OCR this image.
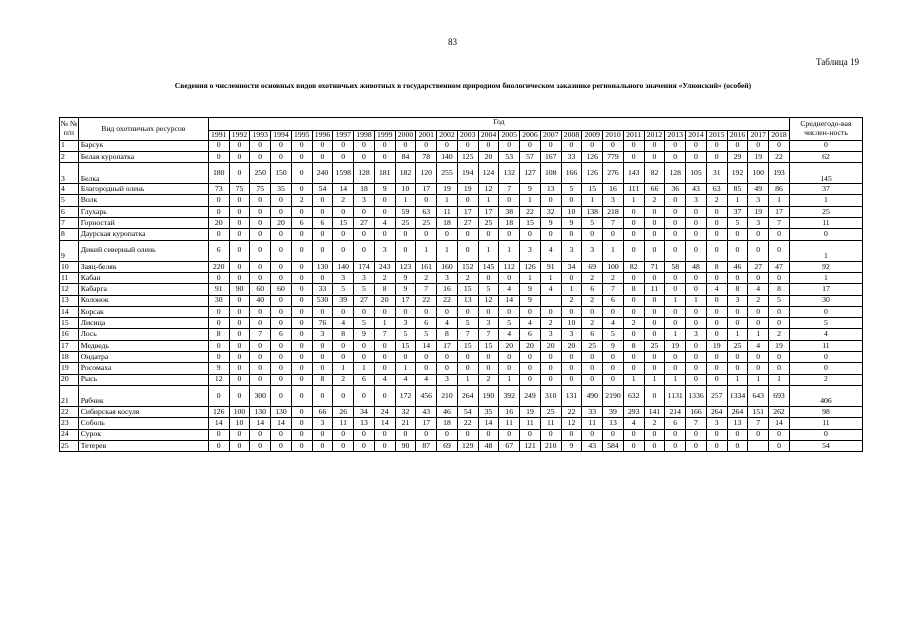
83
Таблица 19
Сведения о численности основных видов охотничьих животных в государственном природном биологическом заказнике регионального значения «Улюнский» (особей)
№ № п/п	Вид охотничьих ресурсов	Год																												Среднегодо-вая числен-ность
		1991	1992	1993	1994	1995	1996	1997	1998	1999	2000	2001	2002	2003	2004	2005	2006	2007	2008	2009	2010	2011	2012	2013	2014	2015	2016	2017	2018	
1	Барсук	0	0	0	0	0	0	0	0	0	0	0	0	0	0	0	0	0	0	0	0	0	0	0	0	0	0	0	0	0
2	Белая куропатка	0	0	0	0	0	0	0	0	0	84	78	140	125	20	53	57	167	33	126	779	0	0	0	0	0	29	19	22	62
3	Белка	180	0	250	150	0	240	1598	128	181	182	120	255	194	124	132	127	108	166	126	276	143	82	128	105	31	192	100	193	145
4	Благородный олень	73	75	75	35	0	54	14	18	9	10	17	19	19	12	7	9	13	5	15	16	111	66	36	43	63	85	49	86	37
5	Волк	0	0	0	0	2	0	2	3	0	1	0	1	0	1	0	1	0	0	1	3	1	2	0	3	2	1	3	1	1
6	Глухарь	0	0	0	0	0	0	0	0	0	59	63	11	17	17	38	22	32	10	138	218	0	0	0	0	0	37	19	17	25
7	Горностай	20	0	0	20	6	6	15	27	4	25	25	18	27	25	18	15	9	9	5	7	0	0	0	0	0	5	3	7	11
8	Даурская куропатка	0	0	0	0	0	0	0	0	0	0	0	0	0	0	0	0	0	0	0	0	0	0	0	0	0	0	0	0	0
9	Дикий северный олень	6	0	0	0	0	0	0	0	3	0	1	1	0	1	1	3	4	3	3	1	0	0	0	0	0	0	0	0	1
10	Заяц-беляк	220	0	0	0	0	130	140	174	243	123	161	160	152	145	112	126	91	34	69	100	82	71	58	48	8	46	27	47	92
11	Кабан	0	0	0	0	0	0	3	3	2	9	2	3	2	0	0	1	1	0	2	2	0	0	0	0	0	0	0	0	1
12	Кабарга	91	90	60	60	0	33	5	5	8	9	7	16	15	5	4	9	4	1	6	7	8	11	0	0	4	8	4	8	17
13	Колонок	30	0	40	0	0	530	39	27	20	17	22	22	13	12	14	9		2	2	6	0	0	1	1	0	3	2	5	30
14	Корсак	0	0	0	0	0	0	0	0	0	0	0	0	0	0	0	0	0	0	0	0	0	0	0	0	0	0	0	0	0
15	Лисица	0	0	0	0	0	76	4	5	1	3	6	4	5	3	5	4	2	10	2	4	2	0	0	0	0	0	0	0	5
16	Лось	8	0	7	6	0	3	8	9	7	5	5	8	7	7	4	6	3	3	6	5	0	0	1	3	0	1	1	2	4
17	Медведь	0	0	0	0	0	0	0	0	0	15	14	17	15	15	20	20	20	20	25	9	8	25	19	0	19	25	4	19	11
18	Ондатра	0	0	0	0	0	0	0	0	0	0	0	0	0	0	0	0	0	0	0	0	0	0	0	0	0	0	0	0	0
19	Росомаха	9	0	0	0	0	0	1	1	0	1	0	0	0	0	0	0	0	0	0	0	0	0	0	0	0	0	0	0	0
20	Рысь	12	0	0	0	0	8	2	6	4	4	4	3	1	2	1	0	0	0	0	0	1	1	1	0	0	1	1	1	2
21	Рябчик	0	0	300	0	0	0	0	0	0	172	456	210	264	190	392	249	310	131	490	2190	632	0	1131	1336	257	1334	643	693	406
22	Сибирская косуля	126	100	130	130	0	66	26	34	24	32	43	46	54	35	16	19	25	22	33	39	293	141	214	166	264	264	151	262	98
23	Соболь	14	10	14	14	0	3	11	13	14	21	17	18	22	14	11	11	11	12	11	13	4	2	6	7	3	13	7	14	11
24	Сурок	0	0	0	0	0	0	0	0	0	0	0	0	0	0	0	0	0	0	0	0	0	0	0	0	0	0	0	0	0
25	Тетерев	0	0	0	0	0	0	0	0	0	90	87	69	129	48	67	121	210	9	43	584	0	0	0	0	0	0		0	54
